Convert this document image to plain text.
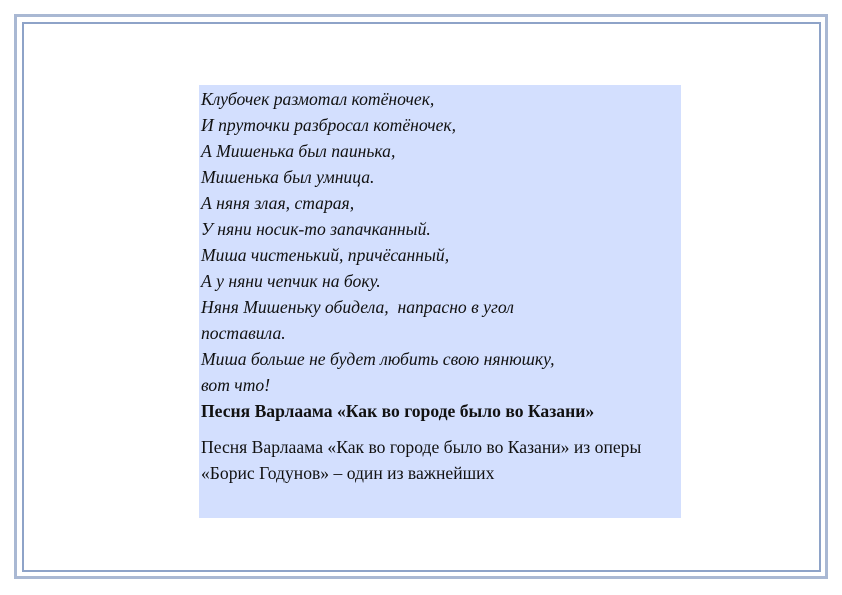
Клубочек размотал котёночек,
И пруточки разбросал котёночек,
А Мишенька был паинька,
Мишенька был умница.
А няня злая, старая,
У няни носик-то запачканный.
Миша чистенький, причёсанный,
А у няни чепчик на боку.
Няня Мишеньку обидела,  напрасно в угол
поставила.
Миша больше не будет любить свою нянюшку,
вот что!
Песня Варлаама «Как во городе было во Казани»
Песня Варлаама «Как во городе было во Казани» из оперы «Борис Годунов» – один из важнейших
